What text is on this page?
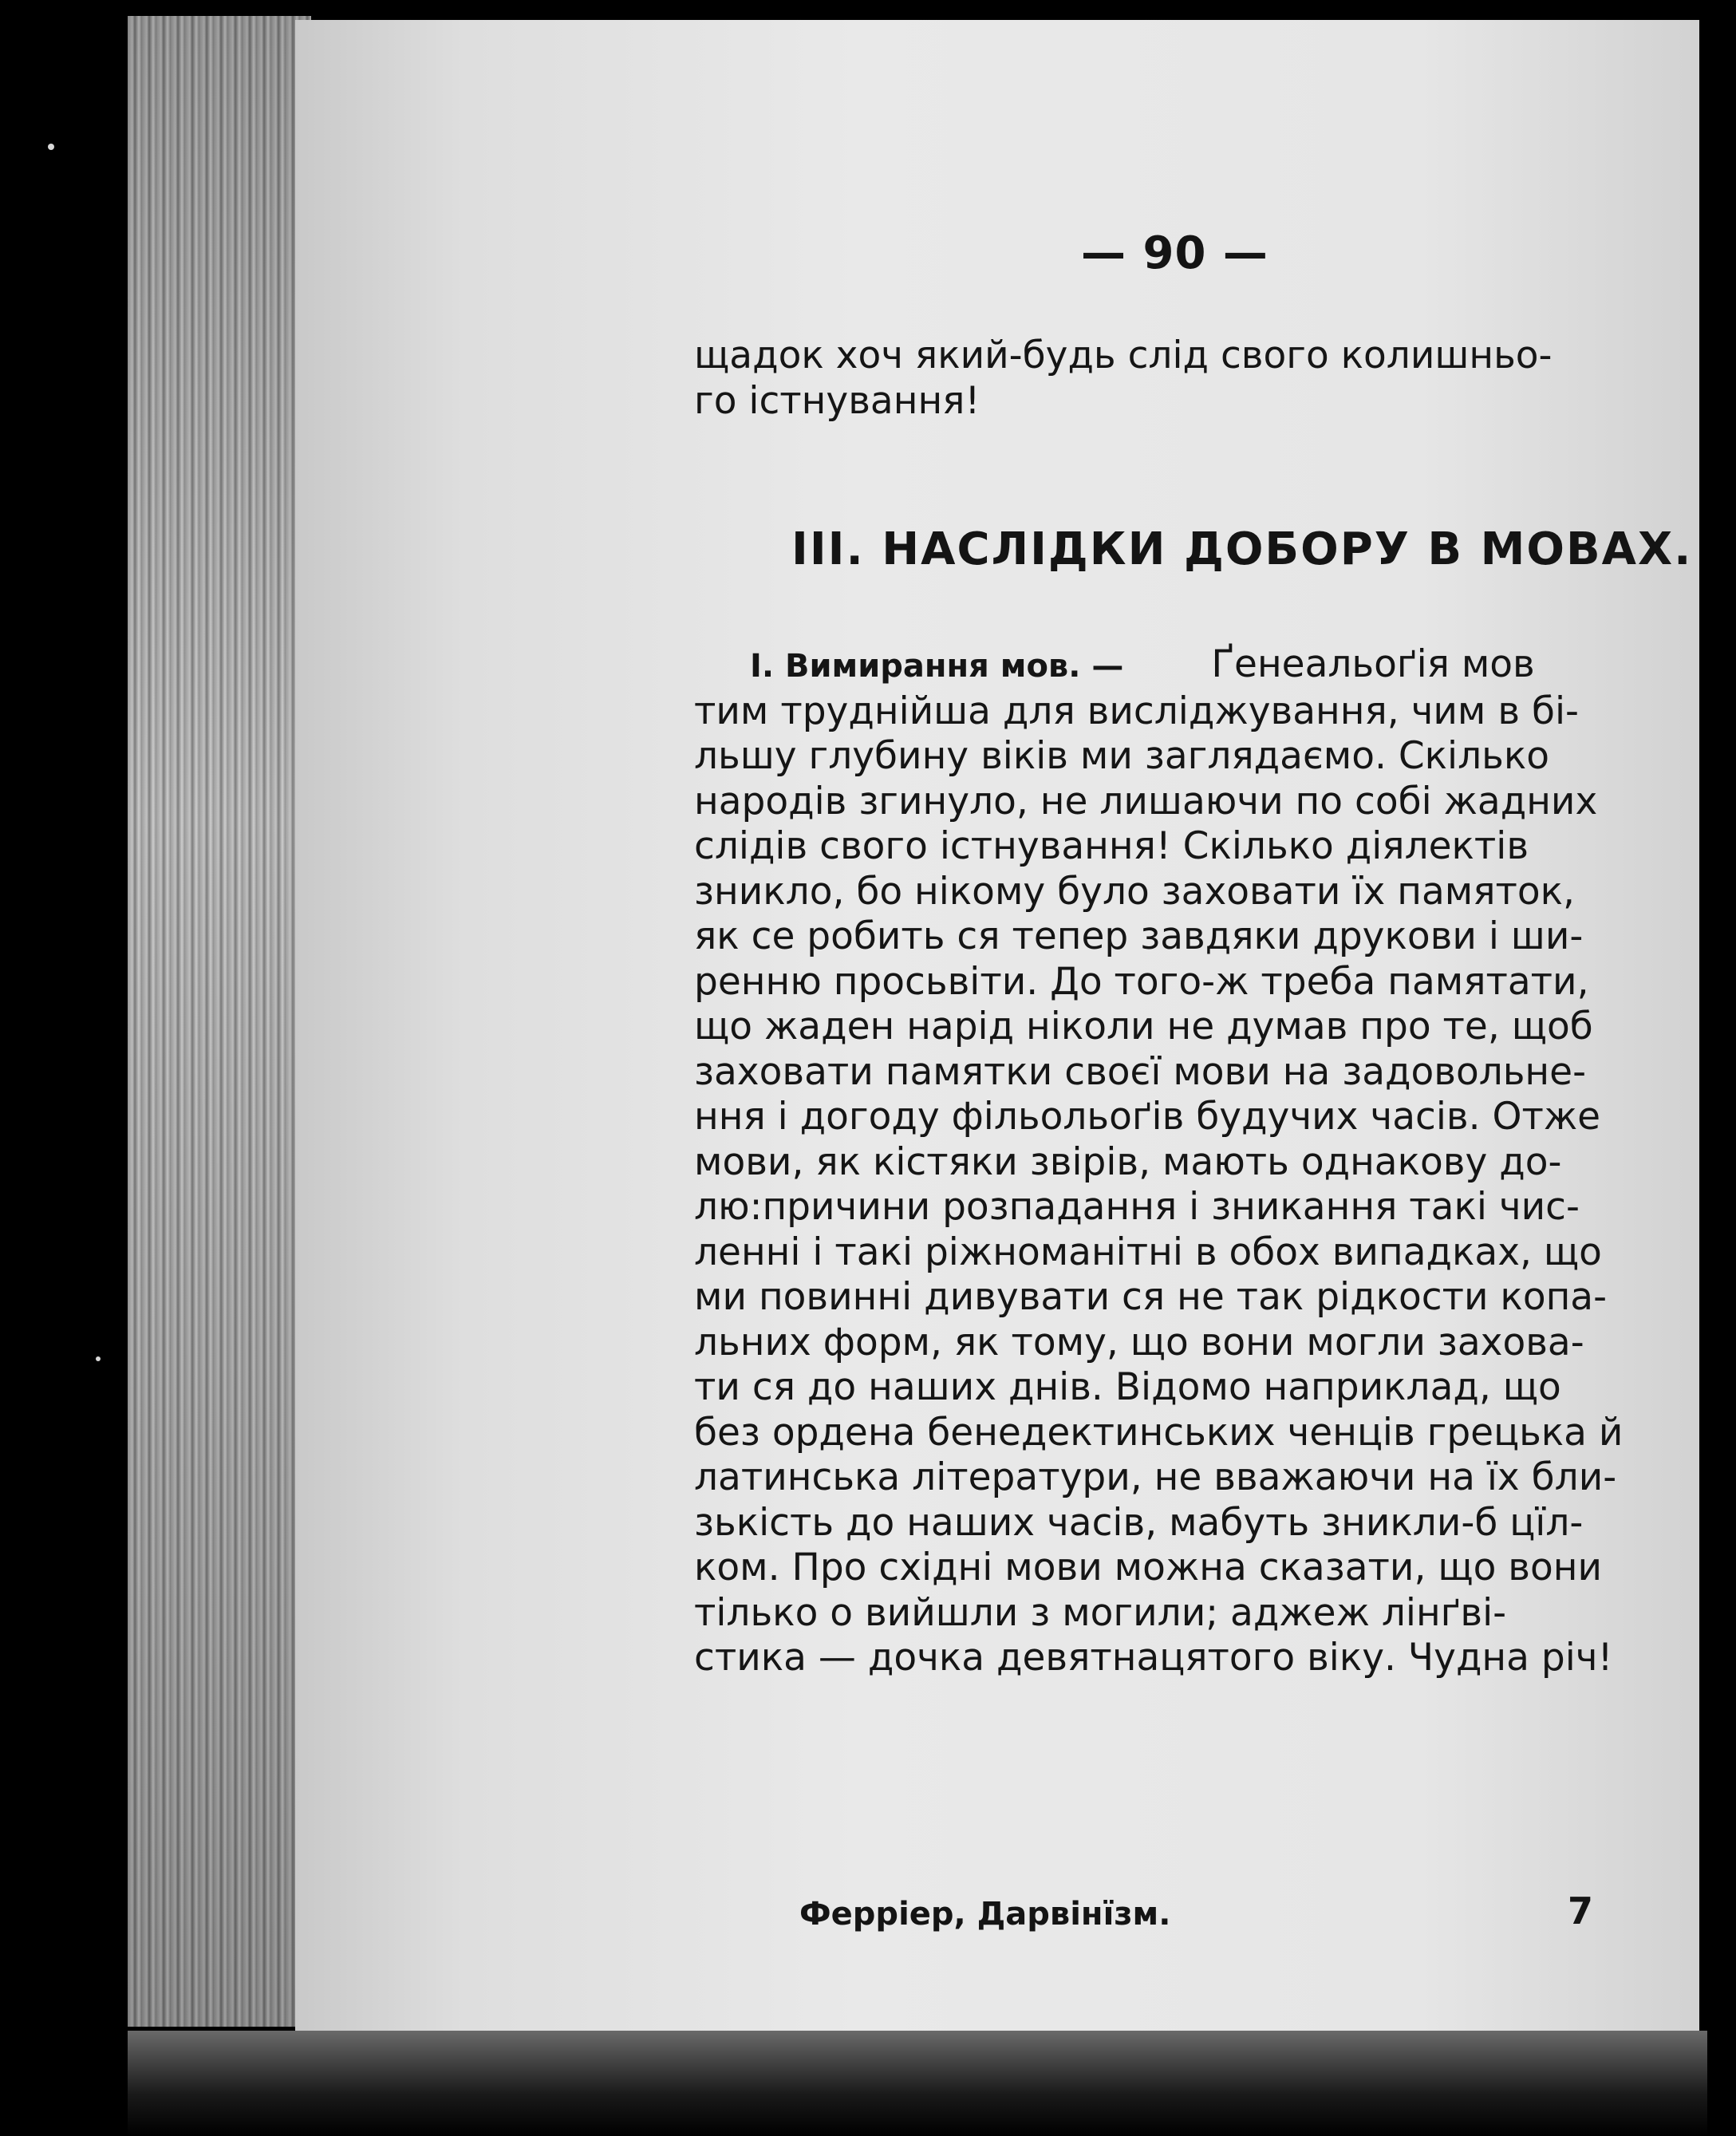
— 90 —
щадок хоч який-будь слід свого колишньо-
го істнування!
III. НАСЛІДКИ ДОБОРУ В МОВАХ.
I. Вимирання мов. — Ґенеальоґія мов
тим труднійша для висліджування, чим в бі-
льшу глубину віків ми заглядаємо. Скілько
народів згинуло, не лишаючи по собі жадних
слідів свого істнування! Скілько діялектів
зникло, бо нікому було заховати їх памяток,
як се робить ся тепер завдяки друкови і ши-
ренню просьвіти. До того-ж треба памятати,
що жаден нарід ніколи не думав про те, щоб
заховати памятки своєї мови на задовольне-
ння і догоду фільольоґів будучих часів. Отже
мови, як кістяки звірів, мають однакову до-
лю:причини розпадання і зникання такі чис-
ленні і такі ріжноманітні в обох випадках, що
ми повинні дивувати ся не так рідкости копа-
льних форм, як тому, що вони могли захова-
ти ся до наших днів. Відомо наприклад, що
без ордена бенедектинських ченців грецька й
латинська літератури, не вважаючи на їх бли-
зькість до наших часів, мабуть зникли-б цїл-
ком. Про східні мови можна сказати, що вони
тілько о вийшли з могили; аджеж лінґві-
стика — дочка девятнацятого віку. Чудна річ!
Ферріер, Дарвінїзм.	7
